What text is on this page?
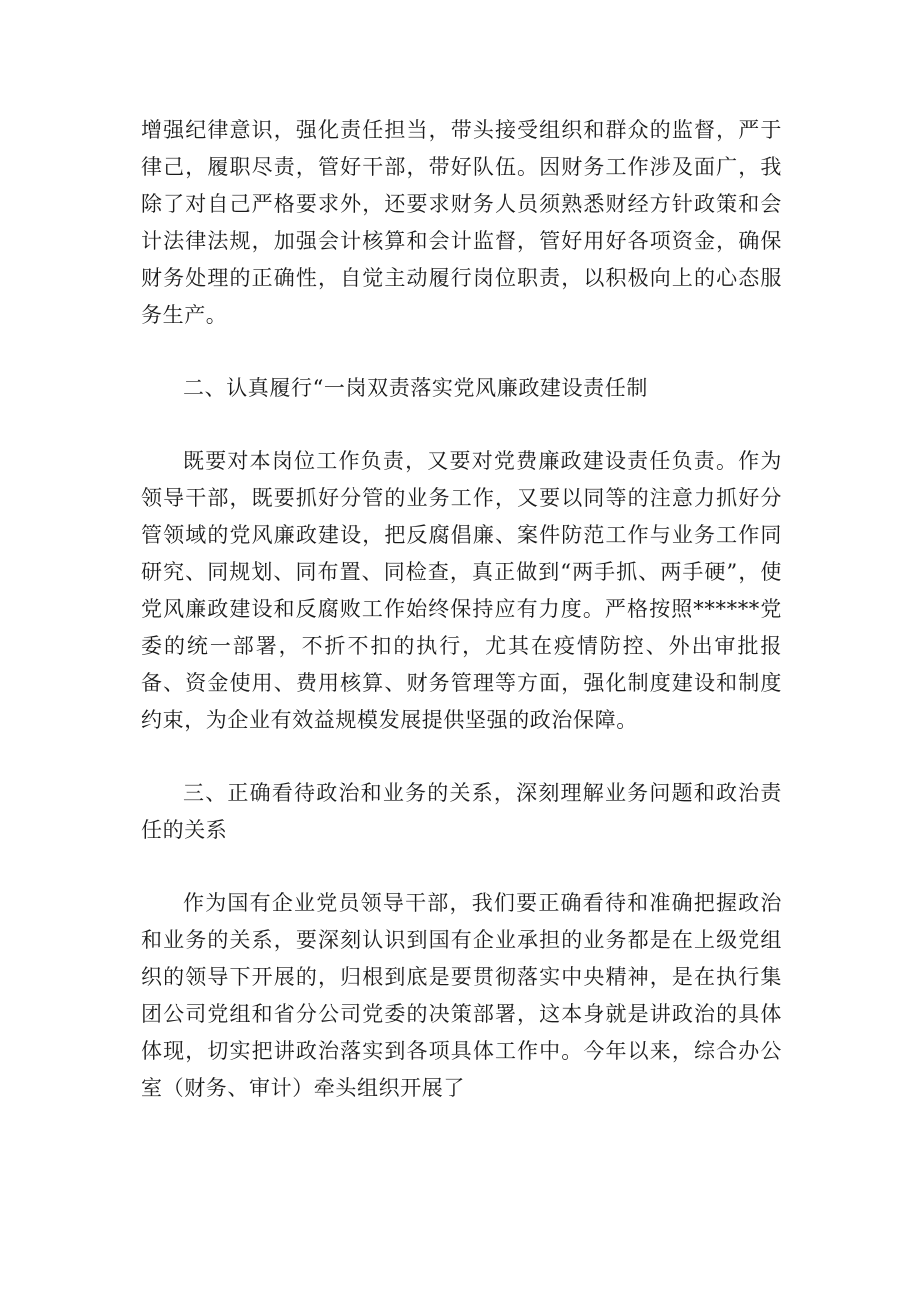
增强纪律意识，强化责任担当，带头接受组织和群众的监督，严于律己，履职尽责，管好干部，带好队伍。因财务工作涉及面广，我除了对自己严格要求外，还要求财务人员须熟悉财经方针政策和会计法律法规，加强会计核算和会计监督，管好用好各项资金，确保财务处理的正确性，自觉主动履行岗位职责，以积极向上的心态服务生产。

二、认真履行“一岗双责落实党风廉政建设责任制

既要对本岗位工作负责，又要对党费廉政建设责任负责。作为领导干部，既要抓好分管的业务工作，又要以同等的注意力抓好分管领域的党风廉政建设，把反腐倡廉、案件防范工作与业务工作同研究、同规划、同布置、同检查，真正做到“两手抓、两手硬”，使党风廉政建设和反腐败工作始终保持应有力度。严格按照******党委的统一部署，不折不扣的执行，尤其在疫情防控、外出审批报备、资金使用、费用核算、财务管理等方面，强化制度建设和制度约束，为企业有效益规模发展提供坚强的政治保障。

三、正确看待政治和业务的关系，深刻理解业务问题和政治责任的关系

作为国有企业党员领导干部，我们要正确看待和准确把握政治和业务的关系，要深刻认识到国有企业承担的业务都是在上级党组织的领导下开展的，归根到底是要贯彻落实中央精神，是在执行集团公司党组和省分公司党委的决策部署，这本身就是讲政治的具体体现，切实把讲政治落实到各项具体工作中。今年以来，综合办公室（财务、审计）牵头组织开展了
